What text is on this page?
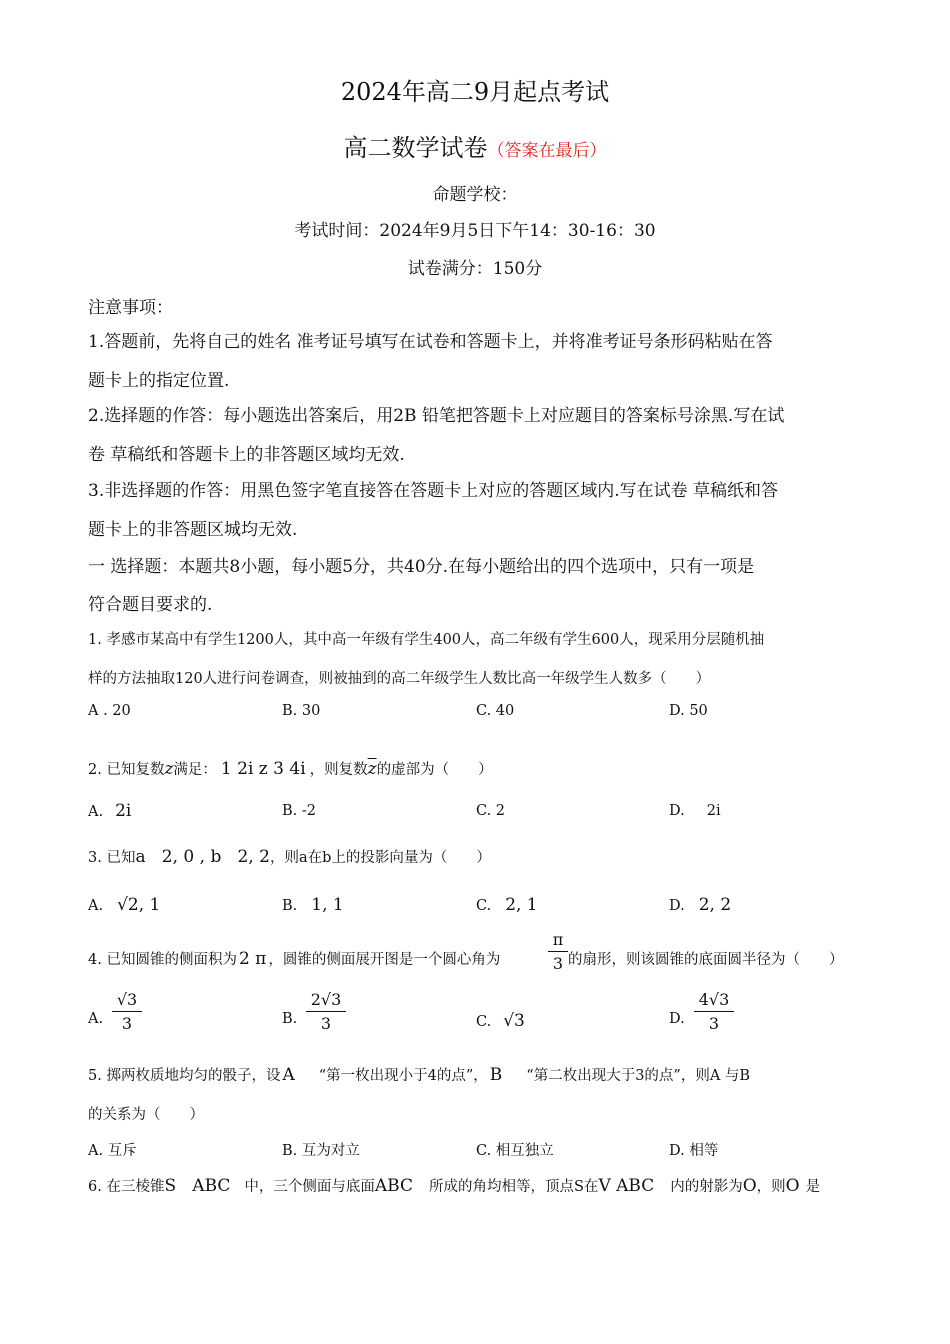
2024年高二9月起点考试
高二数学试卷（答案在最后）
命题学校：
考试时间：2024年9月5日下午14：30-16：30
试卷满分：150分
注意事项：
1.答题前，先将自己的姓名 准考证号填写在试卷和答题卡上，并将准考证号条形码粘贴在答
题卡上的指定位置.
2.选择题的作答：每小题选出答案后，用2B 铅笔把答题卡上对应题目的答案标号涂黑.写在试
卷 草稿纸和答题卡上的非答题区域均无效.
3.非选择题的作答：用黑色签字笔直接答在答题卡上对应的答题区域内.写在试卷 草稿纸和答
题卡上的非答题区城均无效.
一 选择题：本题共8小题，每小题5分，共40分.在每小题给出的四个选项中，只有一项是
符合题目要求的.
1. 孝感市某高中有学生1200人，其中高一年级有学生400人，高二年级有学生600人，现采用分层随机抽
样的方法抽取120人进行问卷调查，则被抽到的高二年级学生人数比高一年级学生人数多（　　）
A . 20	B. 30	C. 40	D. 50
2. 已知复数z满足： 1 2i z 3 4i ，则复数$\overline{z}$的虚部为（　　）
A. 2i	B. -2	C. 2	D. 2i
3. 已知a   2, 0 , b   2, 2，则a在b上的投影向量为（　　）
A. √2, 1	B. 1, 1	C. 2, 1	D. 2, 2
4. 已知圆锥的侧面积为 2 π ，圆锥的侧面展开图是一个圆心角为
π
3 的扇形，则该圆锥的底面圆半径为（　　）
A.
√3
3	B.
2√3
3	C. √3	D.
4√3
3
5. 掷两枚质地均匀的骰子，设 A “第一枚出现小于4的点”， B “第二枚出现大于3的点”，则A 与B
的关系为（　　）
A. 互斥	B. 互为对立	C. 相互独立	D. 相等
6. 在三棱锥S   ABC 中，三个侧面与底面ABC 所成的角均相等，顶点S在V ABC 内的射影为O，则O 是
